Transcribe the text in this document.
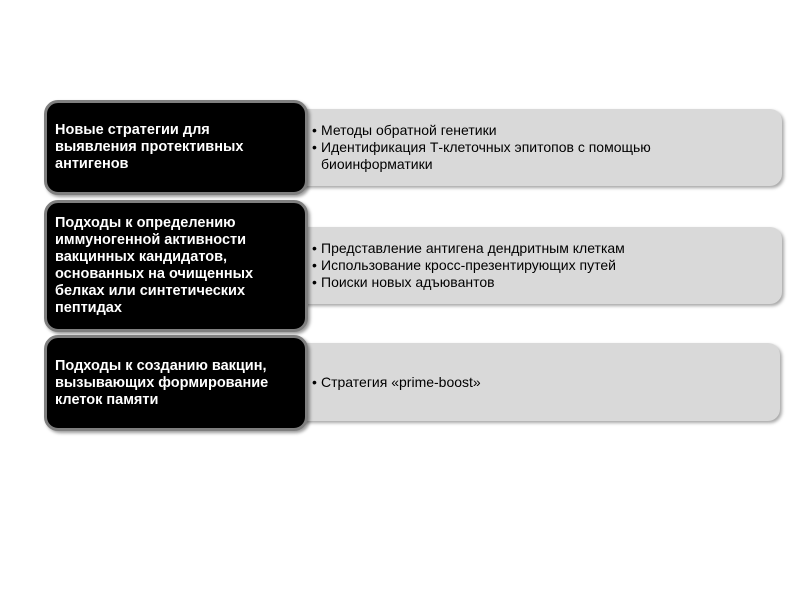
• Методы обратной генетики
• Идентификация Т-клеточных эпитопов с помощью биоинформатики
Новые стратегии для выявления протективных антигенов
• Представление антигена дендритным клеткам
• Использование кросс-презентирующих путей
• Поиски новых адъювантов
Подходы к определению иммуногенной активности вакцинных кандидатов, основанных на очищенных белках или синтетических пептидах
• Стратегия «prime-boost»
Подходы к созданию вакцин, вызывающих формирование клеток памяти
